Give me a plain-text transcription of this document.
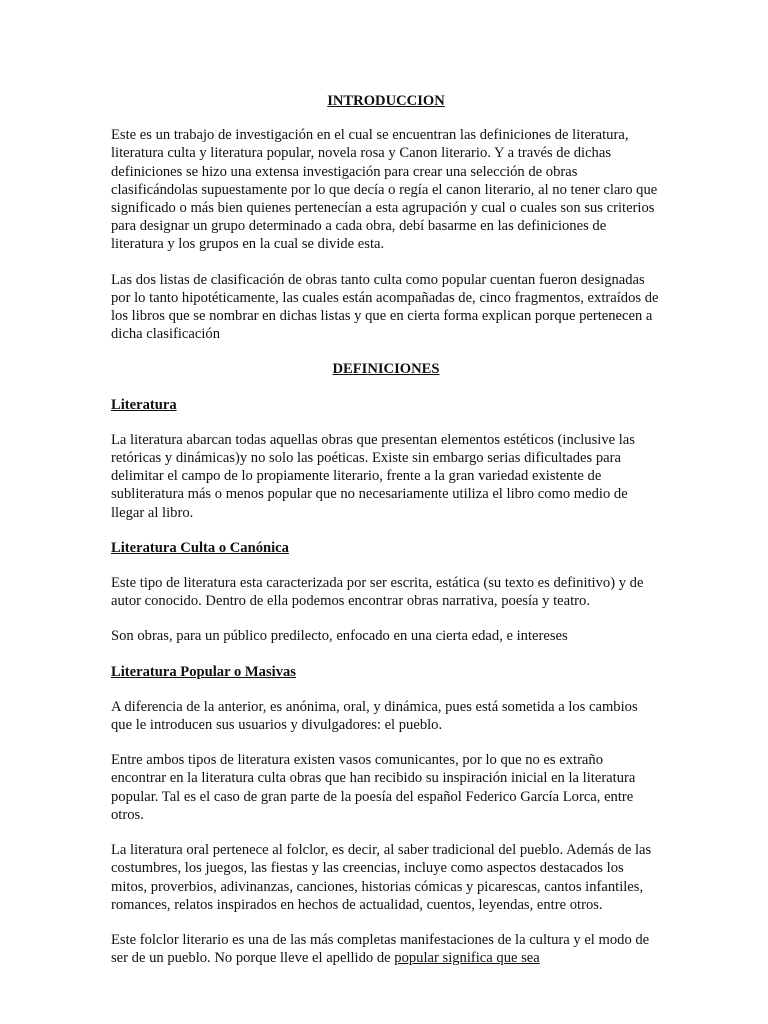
INTRODUCCION

Este es un trabajo de investigación en el cual se encuentran las definiciones de literatura, literatura culta y literatura popular, novela rosa y Canon literario. Y a través de dichas definiciones se hizo una extensa investigación para crear una selección de obras clasificándolas supuestamente por lo que decía o regía el canon literario, al no tener claro que significado o más bien quienes pertenecían a esta agrupación y cual o cuales son sus criterios para designar un grupo determinado a cada obra, debí basarme en las definiciones de literatura y los grupos en la cual se divide esta.

Las dos listas de clasificación de obras tanto culta como popular cuentan fueron designadas por lo tanto hipotéticamente, las cuales están acompañadas de, cinco fragmentos, extraídos de los libros que se nombrar en dichas listas y que en cierta forma explican porque pertenecen a dicha clasificación

DEFINICIONES

Literatura

La literatura abarcan todas aquellas obras que presentan elementos estéticos (inclusive las retóricas y dinámicas)y no solo las poéticas. Existe sin embargo serias dificultades para delimitar el campo de lo propiamente literario, frente a la gran variedad existente de subliteratura más o menos popular que no necesariamente utiliza el libro como medio de llegar al libro.

Literatura Culta o Canónica

Este tipo de literatura esta caracterizada por ser escrita, estática (su texto es definitivo) y de autor conocido. Dentro de ella podemos encontrar obras narrativa, poesía y teatro.

Son obras, para un público predilecto, enfocado en una cierta edad, e intereses

Literatura Popular o Masivas

A diferencia de la anterior, es anónima, oral, y dinámica, pues está sometida a los cambios que le introducen sus usuarios y divulgadores: el pueblo.

Entre ambos tipos de literatura existen vasos comunicantes, por lo que no es extraño encontrar en la literatura culta obras que han recibido su inspiración inicial en la literatura popular. Tal es el caso de gran parte de la poesía del español Federico García Lorca, entre otros.

La literatura oral pertenece al folclor, es decir, al saber tradicional del pueblo. Además de las costumbres, los juegos, las fiestas y las creencias, incluye como aspectos destacados los mitos, proverbios, adivinanzas, canciones, historias cómicas y picarescas, cantos infantiles, romances, relatos inspirados en hechos de actualidad, cuentos, leyendas, entre otros.

Este folclor literario es una de las más completas manifestaciones de la cultura y el modo de ser de un pueblo. No porque lleve el apellido de popular significa que sea
